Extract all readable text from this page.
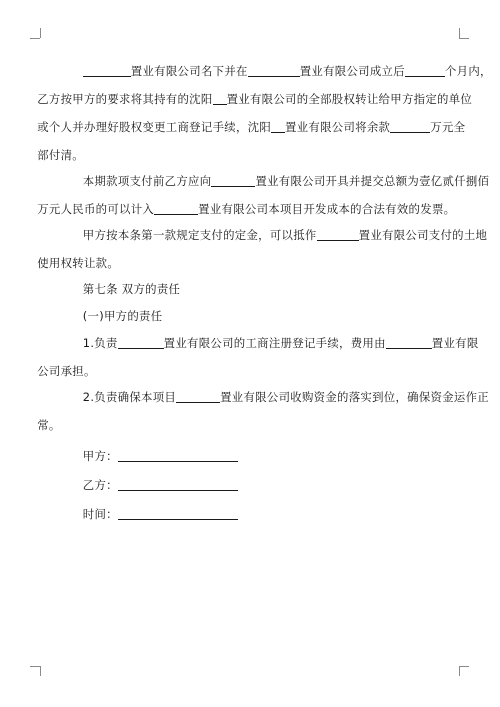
置业有限公司名下并在	置业有限公司成立后	个月内，
乙方按甲方的要求将其持有的沈阳 置业有限公司的全部股权转让给甲方指定的单位
或个人并办理好股权变更工商登记手续，沈阳 置业有限公司将余款	万元全
部付清。
本期款项支付前乙方应向	置业有限公司开具并提交总额为壹亿贰仟捌佰
万元人民币的可以计入	置业有限公司本项目开发成本的合法有效的发票。
甲方按本条第一款规定支付的定金，可以抵作	置业有限公司支付的土地
使用权转让款。
第七条 双方的责任
(一)甲方的责任
1.负责	置业有限公司的工商注册登记手续，费用由	置业有限
公司承担。
2.负责确保本项目	置业有限公司收购资金的落实到位，确保资金运作正
常。
甲方：
乙方：
时间：
